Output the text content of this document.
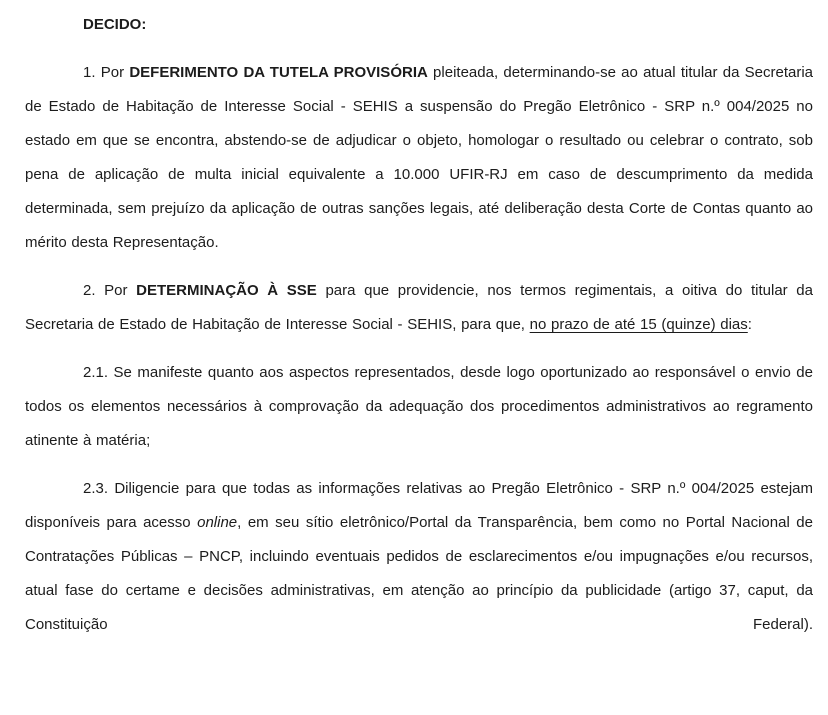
DECIDO:

1. Por DEFERIMENTO DA TUTELA PROVISÓRIA pleiteada, determinando-se ao atual titular da Secretaria de Estado de Habitação de Interesse Social - SEHIS a suspensão do Pregão Eletrônico - SRP n.º 004/2025 no estado em que se encontra, abstendo-se de adjudicar o objeto, homologar o resultado ou celebrar o contrato, sob pena de aplicação de multa inicial equivalente a 10.000 UFIR-RJ em caso de descumprimento da medida determinada, sem prejuízo da aplicação de outras sanções legais, até deliberação desta Corte de Contas quanto ao mérito desta Representação.

2. Por DETERMINAÇÃO À SSE para que providencie, nos termos regimentais, a oitiva do titular da Secretaria de Estado de Habitação de Interesse Social - SEHIS, para que, no prazo de até 15 (quinze) dias:

2.1. Se manifeste quanto aos aspectos representados, desde logo oportunizado ao responsável o envio de todos os elementos necessários à comprovação da adequação dos procedimentos administrativos ao regramento atinente à matéria;

2.3. Diligencie para que todas as informações relativas ao Pregão Eletrônico - SRP n.º 004/2025 estejam disponíveis para acesso online, em seu sítio eletrônico/Portal da Transparência, bem como no Portal Nacional de Contratações Públicas – PNCP, incluindo eventuais pedidos de esclarecimentos e/ou impugnações e/ou recursos, atual fase do certame e decisões administrativas, em atenção ao princípio da publicidade (artigo 37, caput, da Constituição Federal).
